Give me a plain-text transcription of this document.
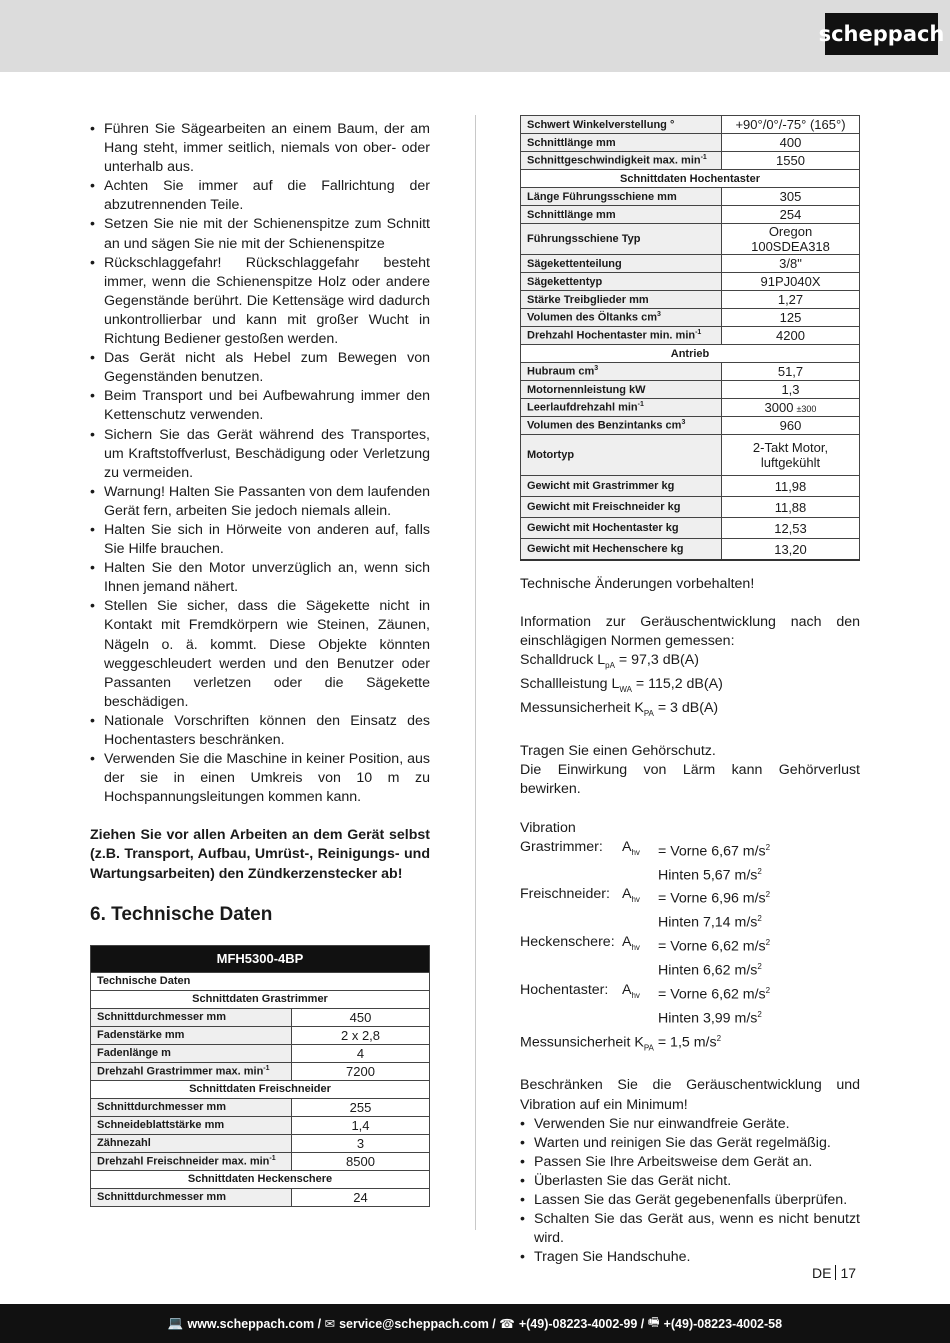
scheppach
• Führen Sie Sägearbeiten an einem Baum, der am Hang steht, immer seitlich, niemals von ober- oder unterhalb aus.
• Achten Sie immer auf die Fallrichtung der abzutrennenden Teile.
• Setzen Sie nie mit der Schienenspitze zum Schnitt an und sägen Sie nie mit der Schienenspitze
• Rückschlaggefahr! Rückschlaggefahr besteht immer, wenn die Schienenspitze Holz oder andere Gegenstände berührt. Die Kettensäge wird dadurch unkontrollierbar und kann mit großer Wucht in Richtung Bediener gestoßen werden.
• Das Gerät nicht als Hebel zum Bewegen von Gegenständen benutzen.
• Beim Transport und bei Aufbewahrung immer den Kettenschutz verwenden.
• Sichern Sie das Gerät während des Transportes, um Kraftstoffverlust, Beschädigung oder Verletzung zu vermeiden.
• Warnung! Halten Sie Passanten von dem laufenden Gerät fern, arbeiten Sie jedoch niemals allein.
• Halten Sie sich in Hörweite von anderen auf, falls Sie Hilfe brauchen.
• Halten Sie den Motor unverzüglich an, wenn sich Ihnen jemand nähert.
• Stellen Sie sicher, dass die Sägekette nicht in Kontakt mit Fremdkörpern wie Steinen, Zäunen, Nägeln o. ä. kommt. Diese Objekte könnten weggeschleudert werden und den Benutzer oder Passanten verletzen oder die Sägekette beschädigen.
• Nationale Vorschriften können den Einsatz des Hochentasters beschränken.
• Verwenden Sie die Maschine in keiner Position, aus der sie in einen Umkreis von 10 m zu Hochspannungsleitungen kommen kann.
Ziehen Sie vor allen Arbeiten an dem Gerät selbst (z.B. Transport, Aufbau, Umrüst-, Reinigungs- und Wartungsarbeiten) den Zündkerzenstecker ab!
6. Technische Daten
MFH5300-4BP	
Technische Daten	
Schnittdaten Grastrimmer	
Schnittdurchmesser mm	450
Fadenstärke mm	2 x 2,8
Fadenlänge m	4
Drehzahl Grastrimmer max. $\min^{-1}$	7200
Schnittdaten Freischneider	
Schnittdurchmesser mm	255
Schneideblattstärke mm	1,4
Zähnezahl	3
Drehzahl Freischneider max. $\min^{-1}$	8500
Schnittdaten Heckenschere	
Schnittdurchmesser mm	24
Schwert Winkelverstellung °	+90°/0°/-75° (165°)
Schnittlänge mm	400
Schnittgeschwindigkeit max. $\min^{-1}$	1550
Schnittdaten Hochentaster	
Länge Führungsschiene mm	305
Schnittlänge mm	254
Führungsschiene Typ	Oregon 100SDEA318
Sägekettenteilung	3/8"
Sägekettentyp	91PJ040X
Stärke Treibglieder mm	1,27
Volumen des Öltanks $cm^3$	125
Drehzahl Hochentaster min. $\min^{-1}$	4200
Antrieb	
Hubraum $cm^3$	51,7
Motornennleistung kW	1,3
Leerlaufdrehzahl $\min^{-1}$	3000 ±300
Volumen des Benzintanks $cm^3$	960
Motortyp	2-Takt Motor, luftgekühlt
Gewicht mit Grastrimmer kg	11,98
Gewicht mit Freischneider kg	11,88
Gewicht mit Hochentaster kg	12,53
Gewicht mit Hechenschere kg	13,20

Technische Änderungen vorbehalten!

Information zur Geräuschentwicklung nach den einschlägigen Normen gemessen:

Schalldruck $L_{pA} = 97,3$ dB(A)

Schallleistung $L_{WA} = 115,2$ dB(A)

Messunsicherheit $K_{PA} = 3$ dB(A)

Tragen Sie einen Gehörschutz.

Die Einwirkung von Lärm kann Gehörverlust bewirken.

Vibration

Grastrimmer:	$A_{hv}$	= Vorne 6,67 $m/s^2$
Hinten 5,67 $m/s^2$
Freischneider: $A_{hv}$	= Vorne 6,96 $m/s^2$
Hinten 7,14 $m/s^2$
Heckenschere: $A_{hv}$	= Vorne 6,62 $m/s^2$
Hinten 6,62 $m/s^2$
Hochentaster: $A_{hv}$	= Vorne 6,62 $m/s^2$
Hinten 3,99 $m/s^2$

Messunsicherheit $K_{PA} = 1,5$ $m/s^2$

Beschränken Sie die Geräuschentwicklung und Vibration auf ein Minimum!

• Verwenden Sie nur einwandfreie Geräte.
• Warten und reinigen Sie das Gerät regelmäßig.
• Passen Sie Ihre Arbeitsweise dem Gerät an.
• Überlasten Sie das Gerät nicht.
• Lassen Sie das Gerät gegebenenfalls überprüfen.
• Schalten Sie das Gerät aus, wenn es nicht benutzt wird.
• Tragen Sie Handschuhe.
DE 17
💻 www.scheppach.com /
✉ service@scheppach.com /
☎ +(49)-08223-4002-99 /
🖷 +(49)-08223-4002-58
